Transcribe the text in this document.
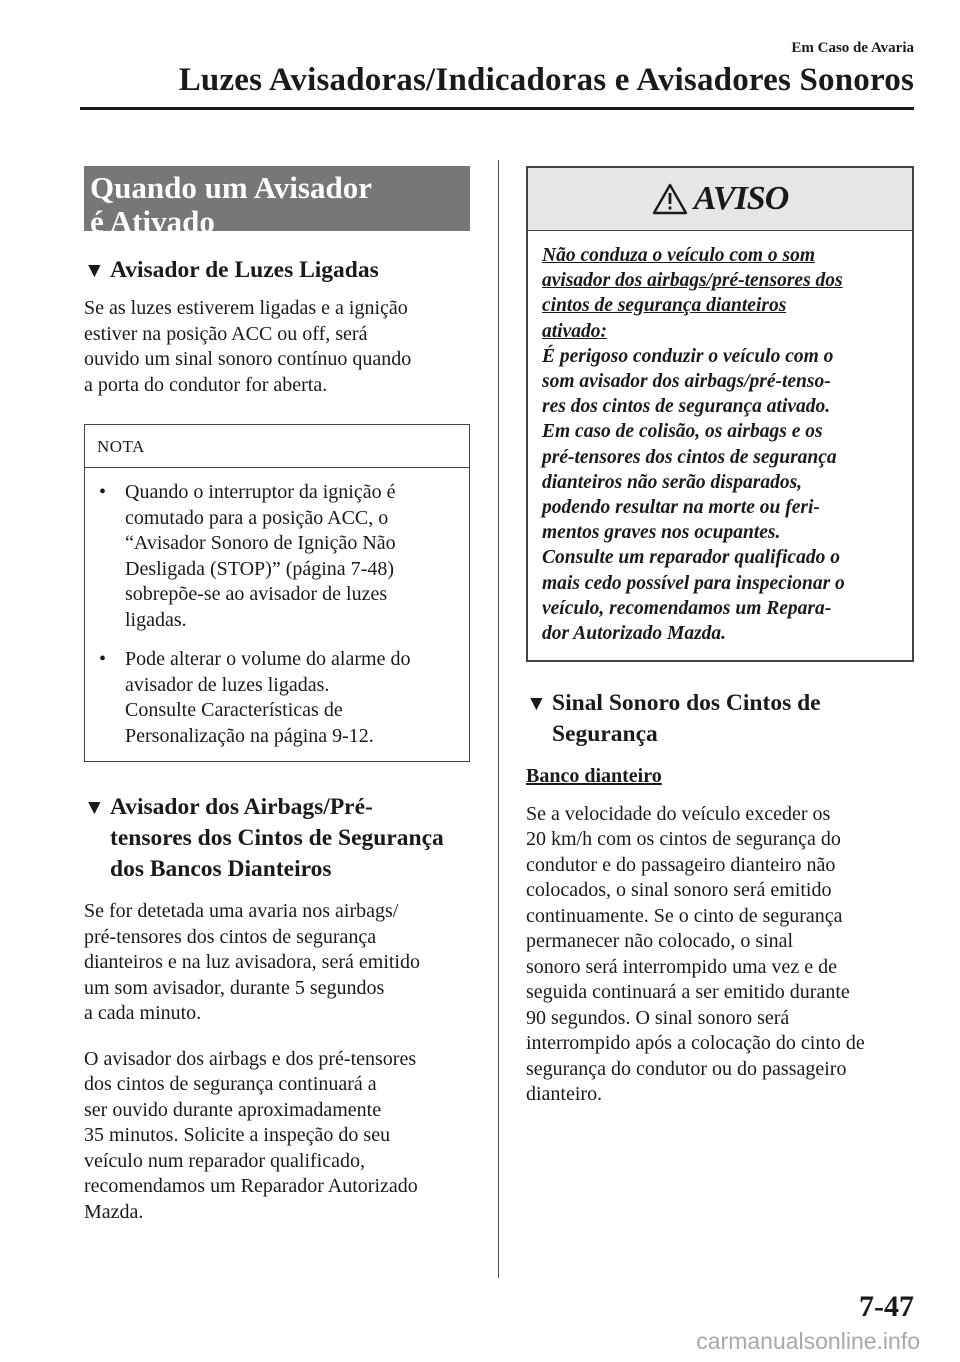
Em Caso de Avaria
Luzes Avisadoras/Indicadoras e Avisadores Sonoros
Quando um Avisador
é Ativado
▼ Avisador de Luzes Ligadas
Se as luzes estiverem ligadas e a ignição
estiver na posição ACC ou off, será
ouvido um sinal sonoro contínuo quando
a porta do condutor for aberta.
NOTA
• Quando o interruptor da ignição é
comutado para a posição ACC, o
“Avisador Sonoro de Ignição Não
Desligada (STOP)” (página 7-48)
sobrepõe-se ao avisador de luzes
ligadas.
• Pode alterar o volume do alarme do
avisador de luzes ligadas.
Consulte Características de
Personalização na página 9-12.
▼ Avisador dos Airbags/Pré-
tensores dos Cintos de Segurança
dos Bancos Dianteiros
Se for detetada uma avaria nos airbags/
pré-tensores dos cintos de segurança
dianteiros e na luz avisadora, será emitido
um som avisador, durante 5 segundos
a cada minuto.
O avisador dos airbags e dos pré-tensores
dos cintos de segurança continuará a
ser ouvido durante aproximadamente
35 minutos. Solicite a inspeção do seu
veículo num reparador qualificado,
recomendamos um Reparador Autorizado
Mazda.
AVISO
Não conduza o veículo com o som
avisador dos airbags/pré-tensores dos
cintos de segurança dianteiros
ativado:
É perigoso conduzir o veículo com o
som avisador dos airbags/pré-tenso-
res dos cintos de segurança ativado.
Em caso de colisão, os airbags e os
pré-tensores dos cintos de segurança
dianteiros não serão disparados,
podendo resultar na morte ou feri-
mentos graves nos ocupantes.
Consulte um reparador qualificado o
mais cedo possível para inspecionar o
veículo, recomendamos um Repara-
dor Autorizado Mazda.
▼ Sinal Sonoro dos Cintos de
Segurança
Banco dianteiro
Se a velocidade do veículo exceder os
20 km/h com os cintos de segurança do
condutor e do passageiro dianteiro não
colocados, o sinal sonoro será emitido
continuamente. Se o cinto de segurança
permanecer não colocado, o sinal
sonoro será interrompido uma vez e de
seguida continuará a ser emitido durante
90 segundos. O sinal sonoro será
interrompido após a colocação do cinto de
segurança do condutor ou do passageiro
dianteiro.
7-47
carmanualsonline.info
